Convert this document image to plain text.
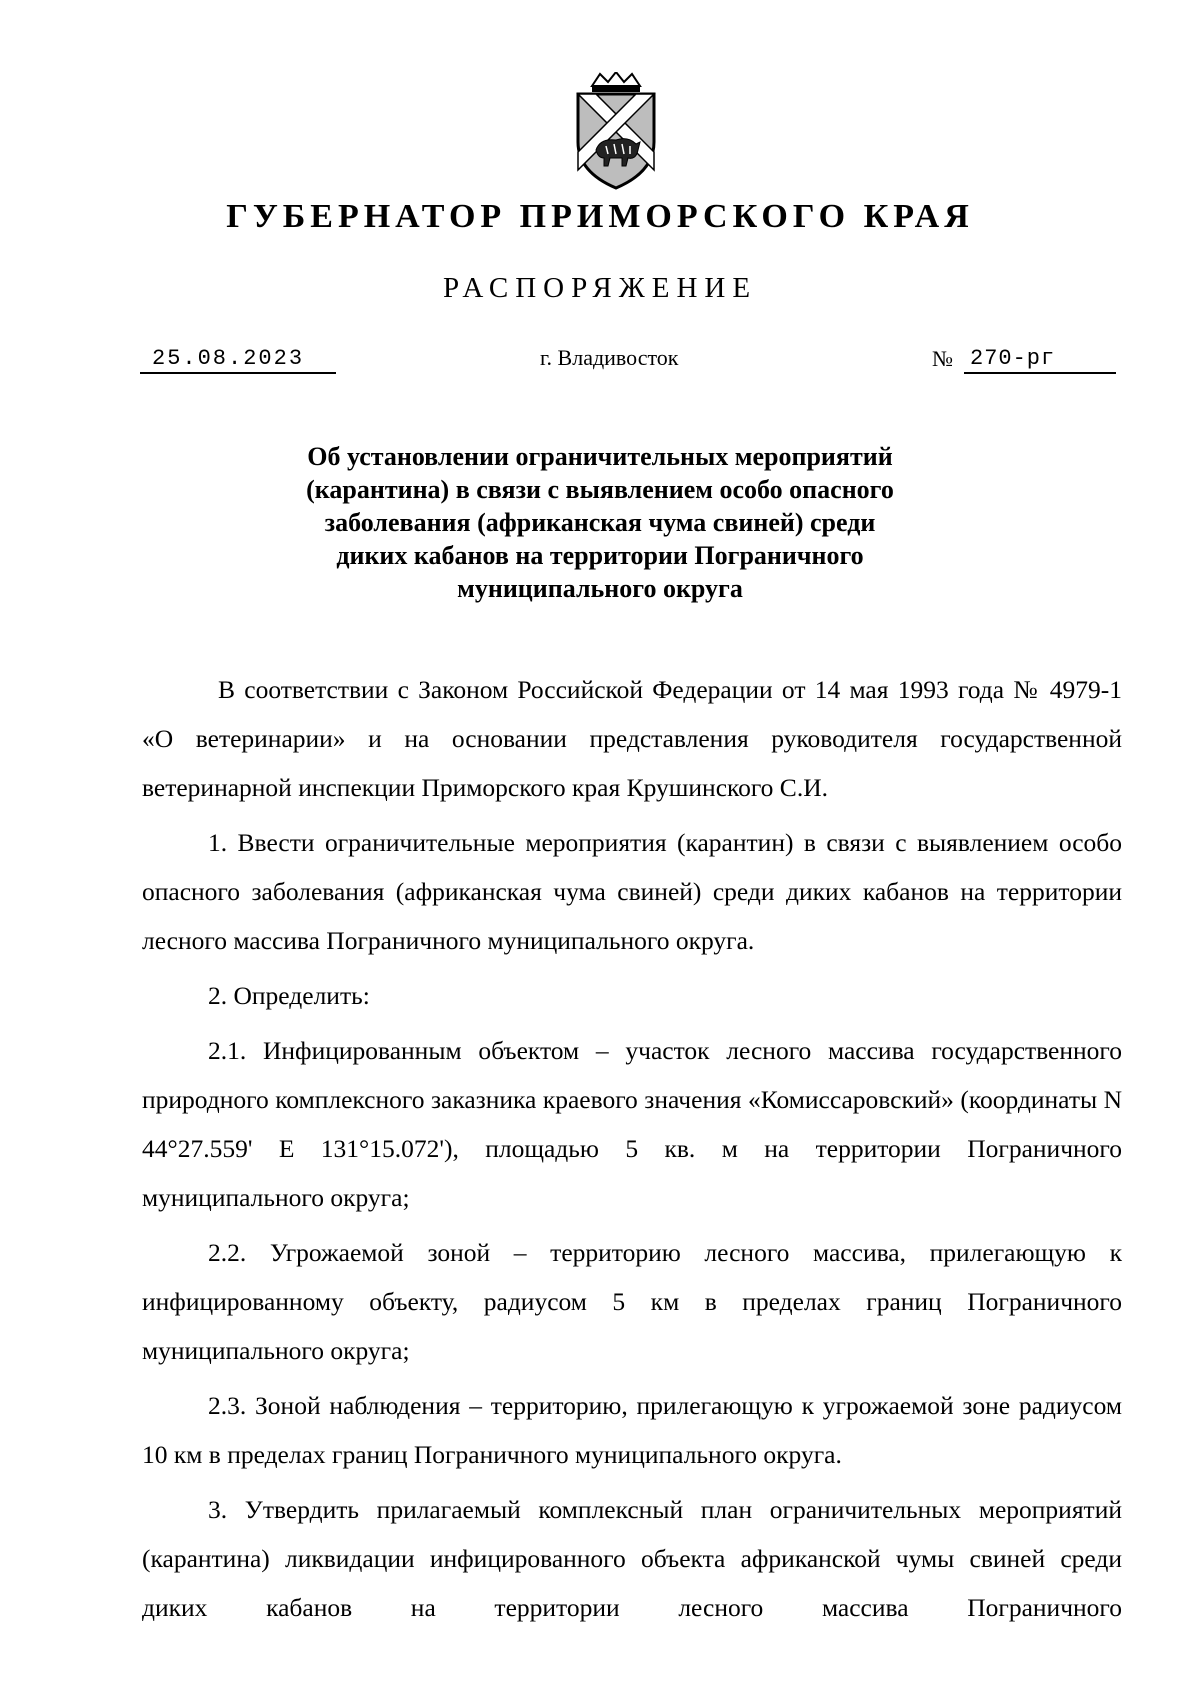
ГУБЕРНАТОР ПРИМОРСКОГО КРАЯ
РАСПОРЯЖЕНИЕ
25.08.2023	г. Владивосток	№ 270-рг
Об установлении ограничительных мероприятий
(карантина) в связи с выявлением особо опасного
заболевания (африканская чума свиней) среди
диких кабанов на территории Пограничного
муниципального округа

В соответствии с Законом Российской Федерации от 14 мая 1993 года № 4979-1 «О ветеринарии» и на основании представления руководителя государственной ветеринарной инспекции Приморского края Крушинского С.И.

1. Ввести ограничительные мероприятия (карантин) в связи с выявлением особо опасного заболевания (африканская чума свиней) среди диких кабанов на территории лесного массива Пограничного муниципального округа.

2. Определить:

2.1. Инфицированным объектом – участок лесного массива государственного природного комплексного заказника краевого значения «Комиссаровский» (координаты N 44°27.559' E 131°15.072'), площадью 5 кв. м на территории Пограничного муниципального округа;

2.2. Угрожаемой зоной – территорию лесного массива, прилегающую к инфицированному объекту, радиусом 5 км в пределах границ Пограничного муниципального округа;

2.3. Зоной наблюдения – территорию, прилегающую к угрожаемой зоне радиусом 10 км в пределах границ Пограничного муниципального округа.

3. Утвердить прилагаемый комплексный план ограничительных мероприятий (карантина) ликвидации инфицированного объекта африканской чумы свиней среди диких кабанов на территории лесного массива Пограничного
